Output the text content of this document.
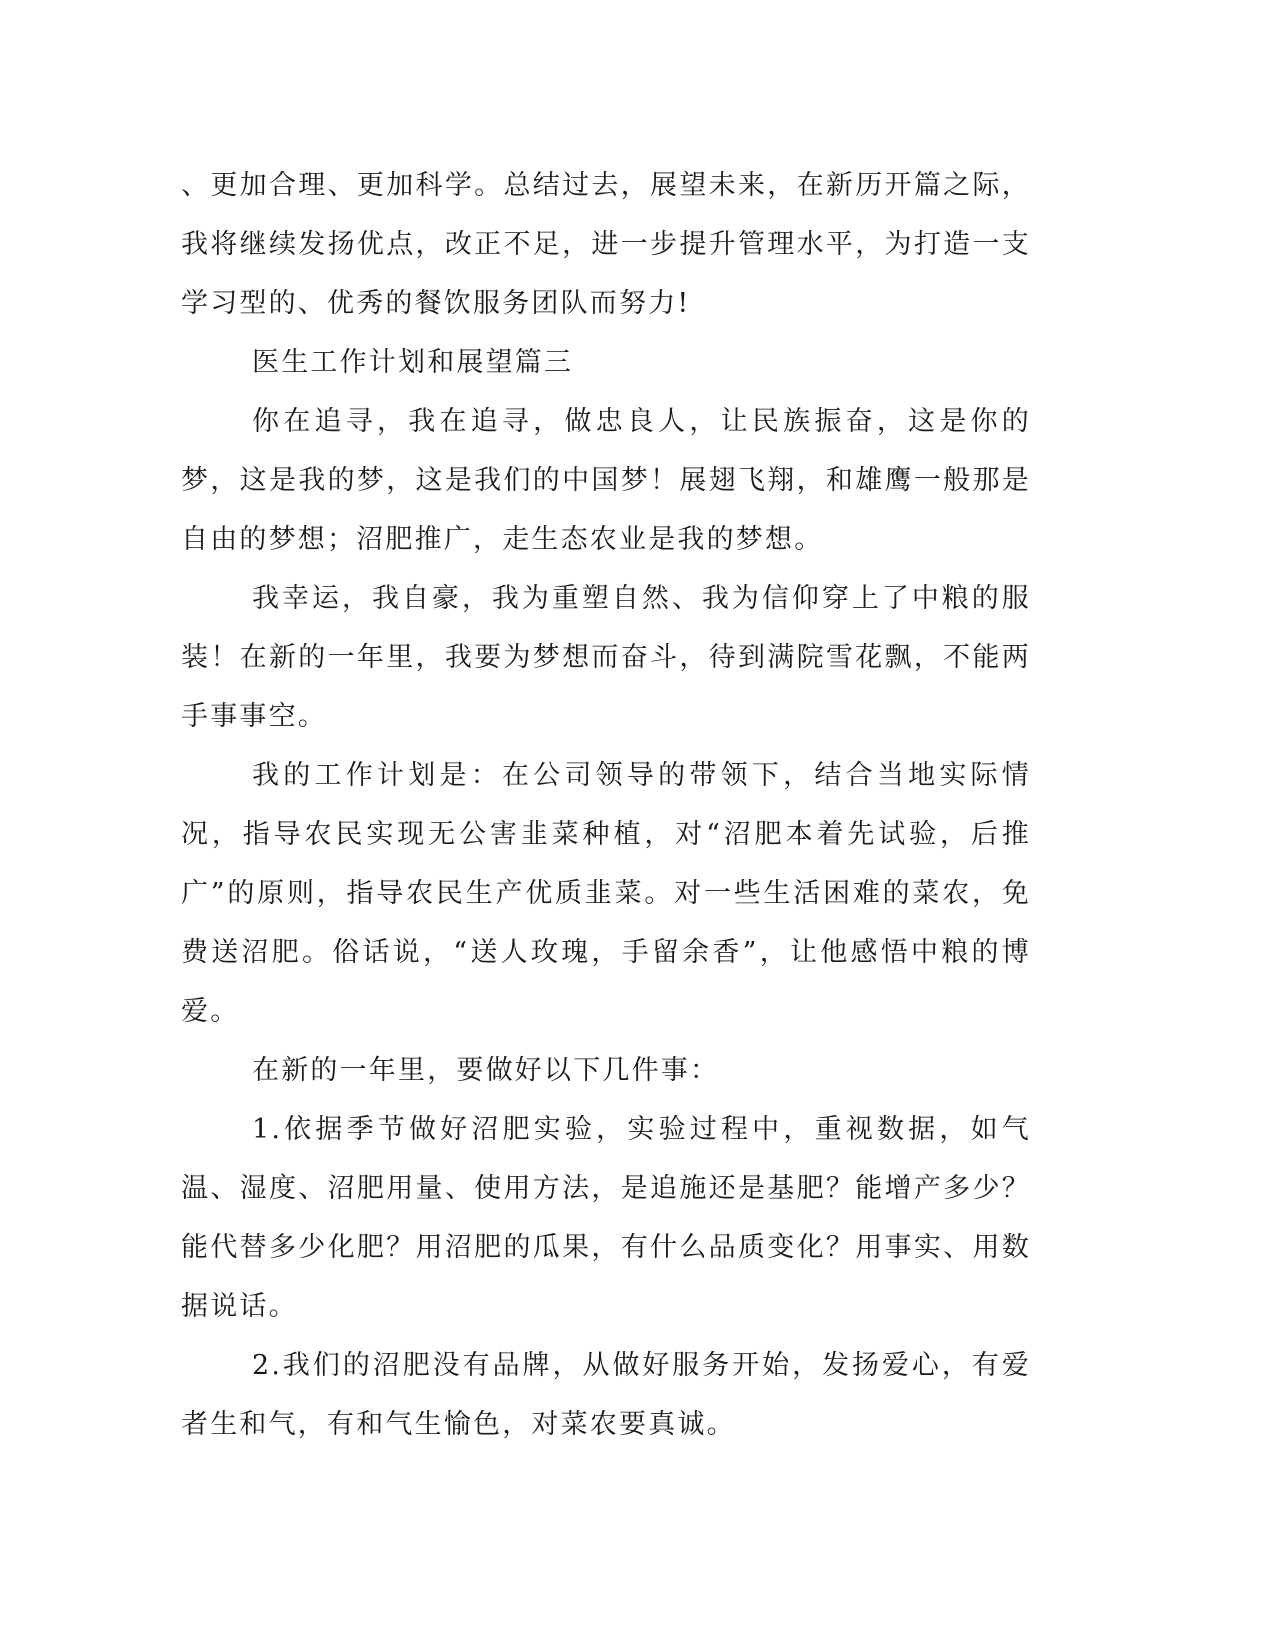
、更加合理、更加科学。总结过去，展望未来，在新历开篇之际，我将继续发扬优点，改正不足，进一步提升管理水平，为打造一支学习型的、优秀的餐饮服务团队而努力!

医生工作计划和展望篇三

你在追寻，我在追寻，做忠良人，让民族振奋，这是你的梦，这是我的梦，这是我们的中国梦！展翅飞翔，和雄鹰一般那是自由的梦想；沼肥推广，走生态农业是我的梦想。

我幸运，我自豪，我为重塑自然、我为信仰穿上了中粮的服装！在新的一年里，我要为梦想而奋斗，待到满院雪花飘，不能两手事事空。

我的工作计划是：在公司领导的带领下，结合当地实际情况，指导农民实现无公害韭菜种植，对“沼肥本着先试验，后推广”的原则，指导农民生产优质韭菜。对一些生活困难的菜农，免费送沼肥。俗话说，“送人玫瑰，手留余香”，让他感悟中粮的博爱。

在新的一年里，要做好以下几件事：

1.依据季节做好沼肥实验，实验过程中，重视数据，如气温、湿度、沼肥用量、使用方法，是追施还是基肥？能增产多少？能代替多少化肥？用沼肥的瓜果，有什么品质变化？用事实、用数据说话。

2.我们的沼肥没有品牌，从做好服务开始，发扬爱心，有爱者生和气，有和气生愉色，对菜农要真诚。
